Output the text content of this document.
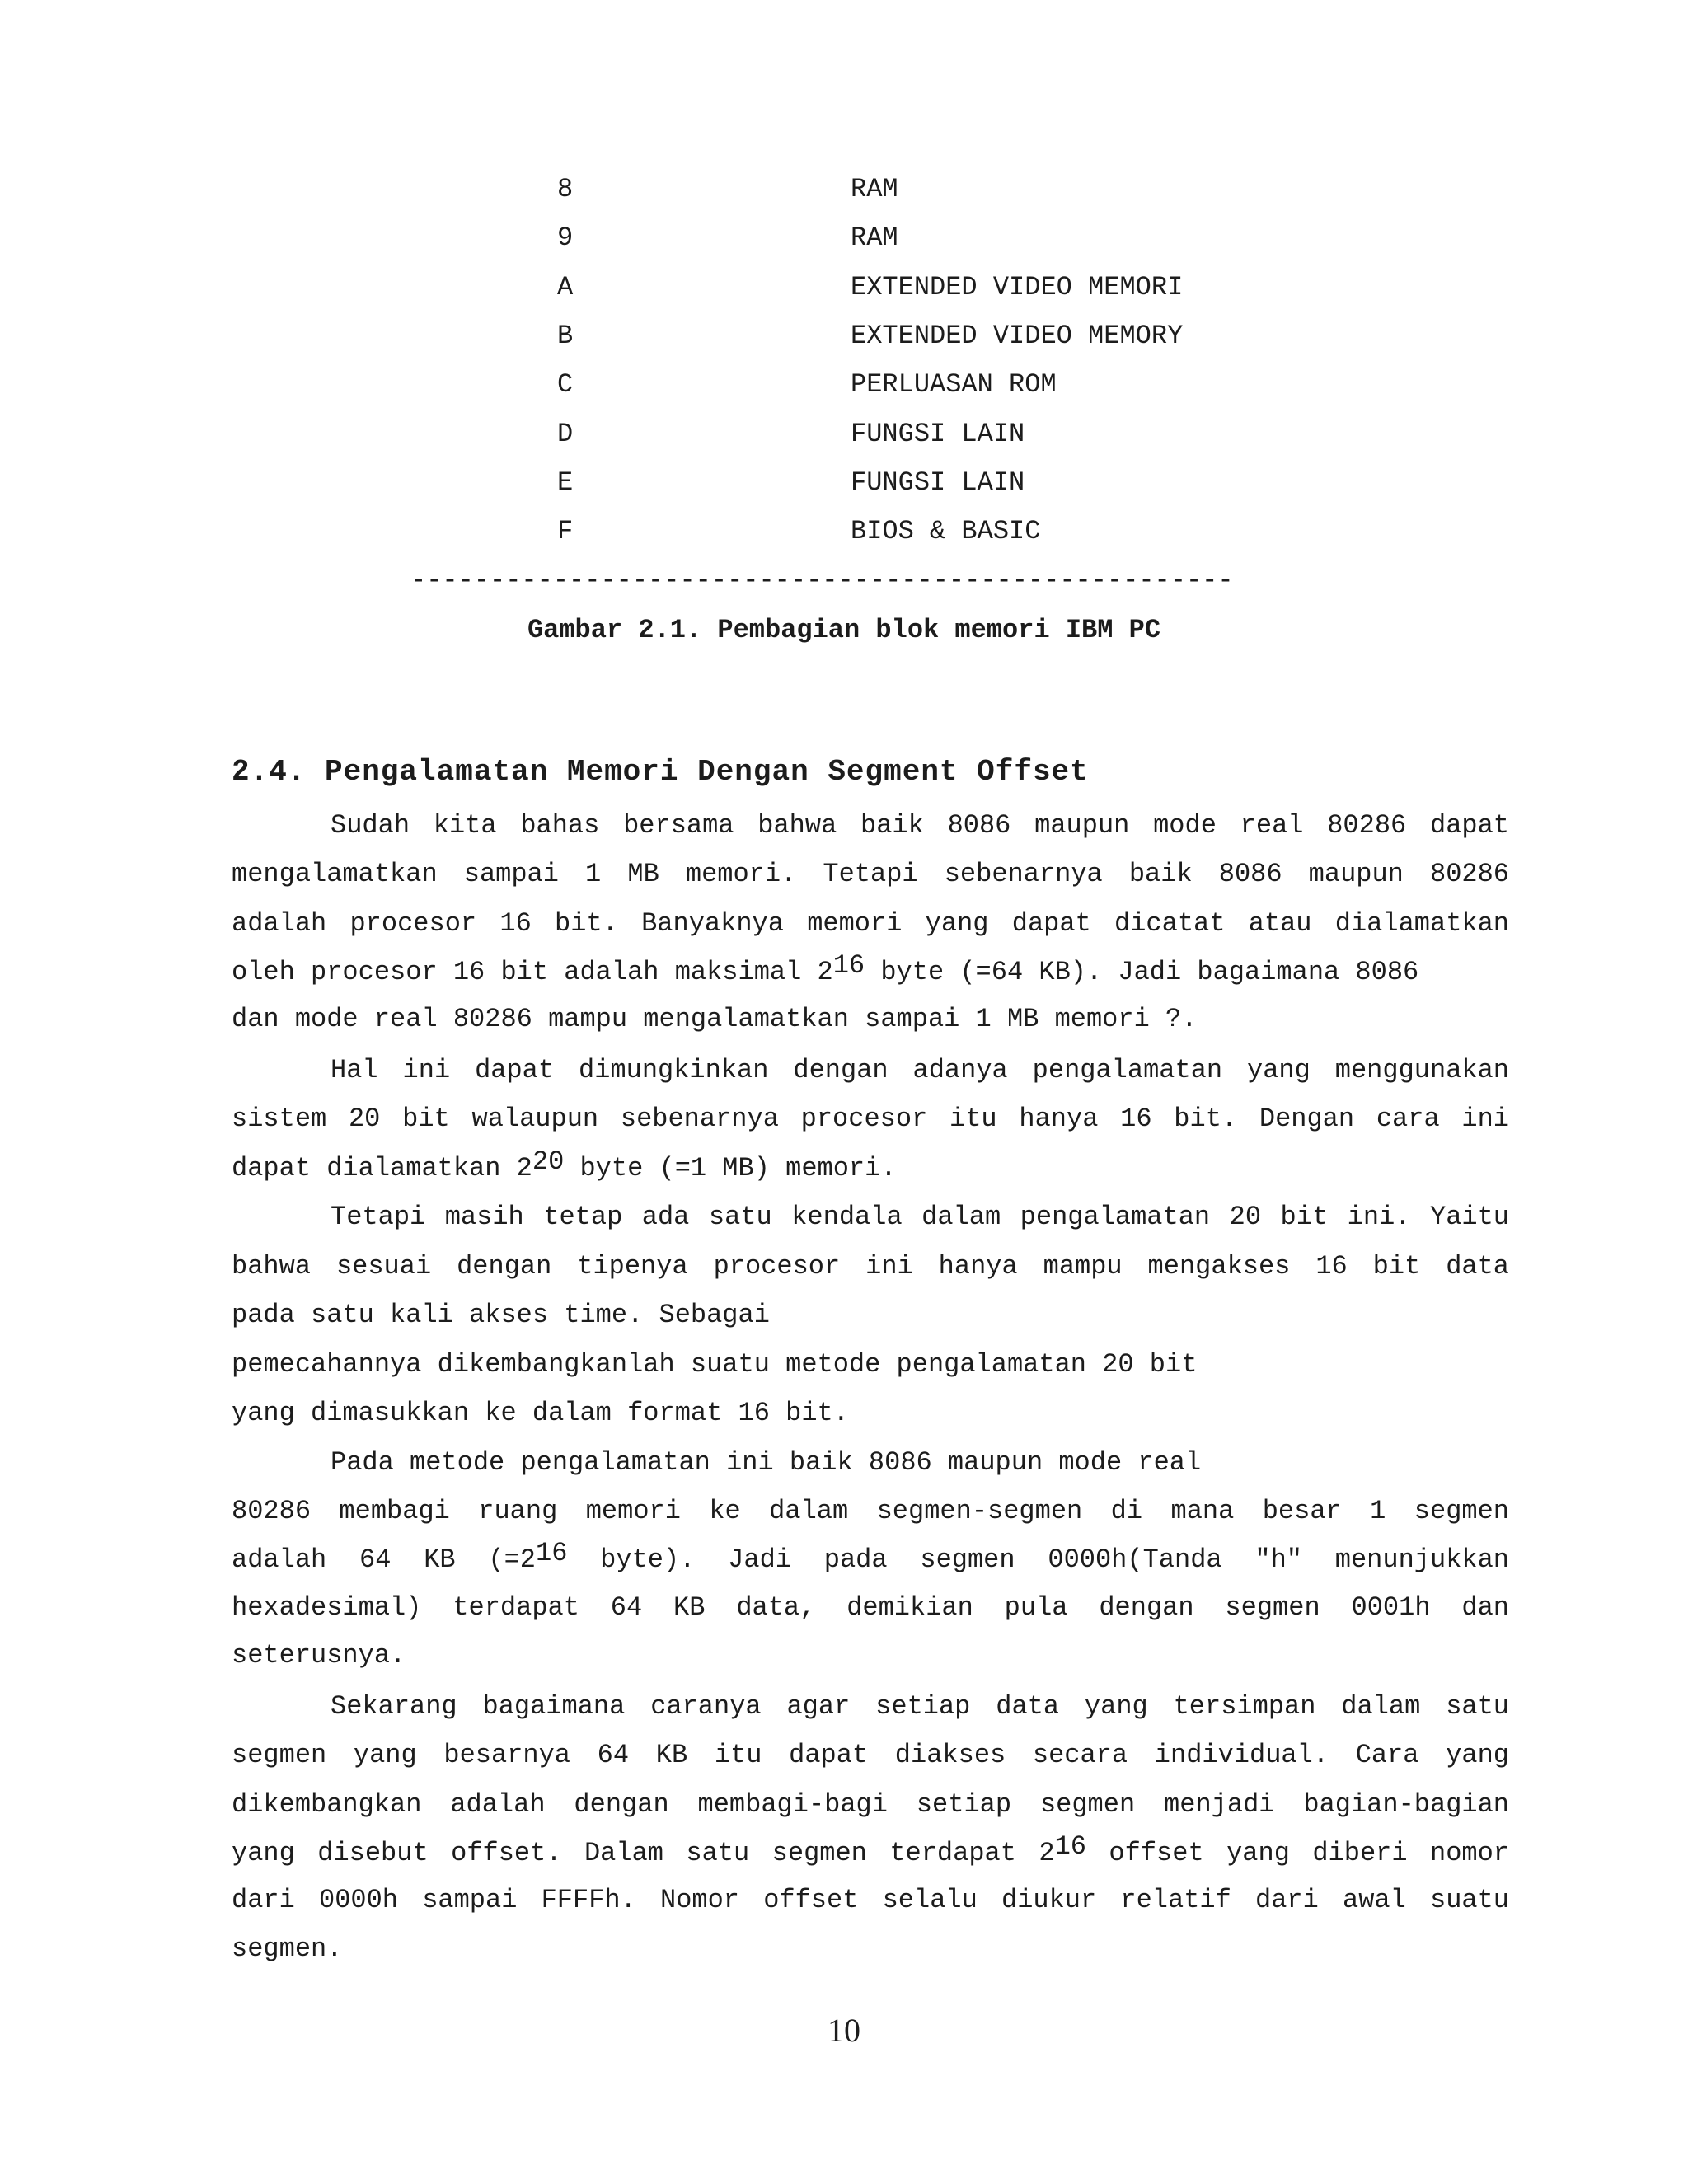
8	RAM
9	RAM
A	EXTENDED VIDEO MEMORI
B	EXTENDED VIDEO MEMORY
C	PERLUASAN ROM
D	FUNGSI LAIN
E	FUNGSI LAIN
F	BIOS & BASIC
----------------------------------------------------
Gambar 2.1. Pembagian blok memori IBM PC
2.4. Pengalamatan Memori Dengan Segment Offset
Sudah kita bahas bersama bahwa baik 8086 maupun mode real 80286 dapat
mengalamatkan sampai 1 MB memori. Tetapi sebenarnya baik 8086 maupun 80286
adalah procesor 16 bit. Banyaknya memori yang dapat dicatat atau dialamatkan
oleh procesor 16 bit adalah maksimal $2^{16}$ byte (=64 KB). Jadi bagaimana 8086
dan mode real 80286 mampu mengalamatkan sampai 1 MB memori ?.
Hal ini dapat dimungkinkan dengan adanya pengalamatan yang menggunakan
sistem 20 bit walaupun sebenarnya procesor itu hanya 16 bit. Dengan cara ini
dapat dialamatkan $2^{20}$ byte (=1 MB) memori.
Tetapi masih tetap ada satu kendala dalam pengalamatan 20 bit ini. Yaitu
bahwa sesuai dengan tipenya procesor ini hanya mampu mengakses 16 bit data
pada satu kali akses time. Sebagai
pemecahannya dikembangkanlah suatu metode pengalamatan 20 bit
yang dimasukkan ke dalam format 16 bit.
Pada metode pengalamatan ini baik 8086 maupun mode real
80286 membagi ruang memori ke dalam segmen-segmen di mana besar 1 segmen
adalah 64 KB ($=2^{16}$ byte). Jadi pada segmen 0000h(Tanda "h" menunjukkan
hexadesimal) terdapat 64 KB data, demikian pula dengan segmen 0001h dan
seterusnya.
Sekarang bagaimana caranya agar setiap data yang tersimpan dalam satu
segmen yang besarnya 64 KB itu dapat diakses secara individual. Cara yang
dikembangkan adalah dengan membagi-bagi setiap segmen menjadi bagian-bagian
yang disebut offset. Dalam satu segmen terdapat $2^{16}$ offset yang diberi nomor
dari 0000h sampai FFFFh. Nomor offset selalu diukur relatif dari awal suatu
segmen.
10
